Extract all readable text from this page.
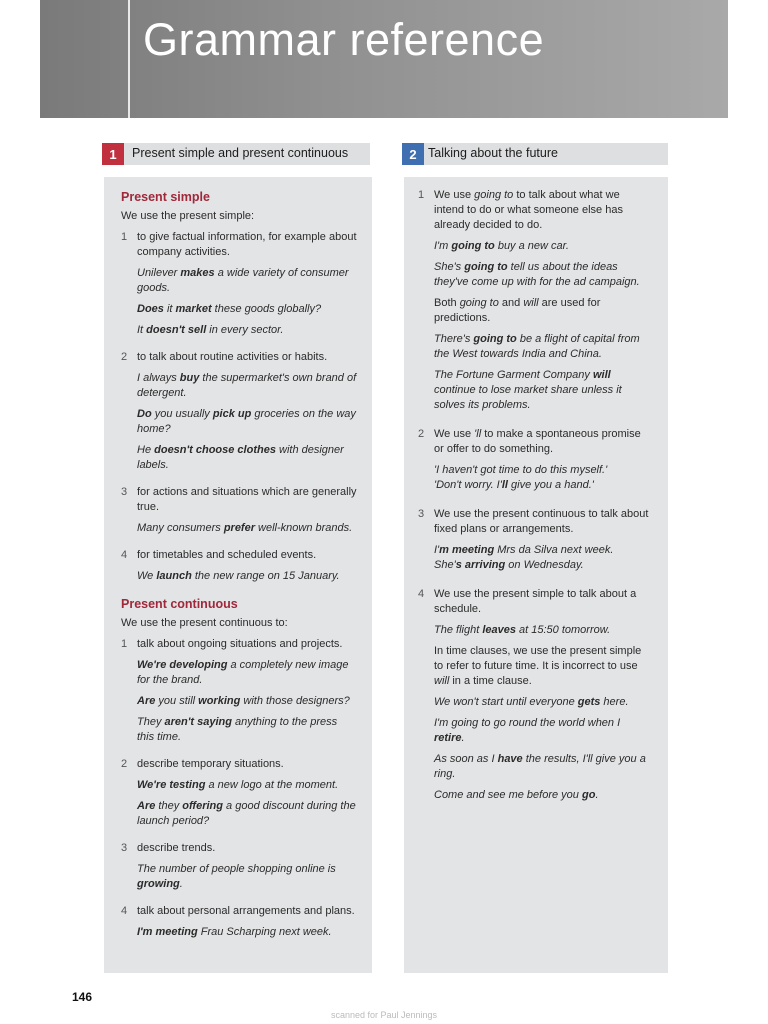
Grammar reference
1	Present simple and present continuous	2 Talking about the future
Present simple
We use the present simple:
1 to give factual information, for example about company activities.

Unilever makes a wide variety of consumer goods.

Does it market these goods globally?

It doesn't sell in every sector.

2 to talk about routine activities or habits.

I always buy the supermarket's own brand of detergent.

Do you usually pick up groceries on the way home?

He doesn't choose clothes with designer labels.

3 for actions and situations which are generally true.

Many consumers prefer well-known brands.

4 for timetables and scheduled events.

We launch the new range on 15 January.

Present continuous
We use the present continuous to:
1 talk about ongoing situations and projects.

We're developing a completely new image for the brand.

Are you still working with those designers?

They aren't saying anything to the press this time.

2 describe temporary situations.

We're testing a new logo at the moment.

Are they offering a good discount during the launch period?

3 describe trends.

The number of people shopping online is growing.

4 talk about personal arrangements and plans.

I'm meeting Frau Scharping next week.

1 We use going to to talk about what we intend to do or what someone else has already decided to do.

I'm going to buy a new car.

She's going to tell us about the ideas they've come up with for the ad campaign.

Both going to and will are used for predictions.

There's going to be a flight of capital from the West towards India and China.

The Fortune Garment Company will continue to lose market share unless it solves its problems.

2 We use 'll to make a spontaneous promise or offer to do something.

'I haven't got time to do this myself.'
'Don't worry. I'll give you a hand.'

3 We use the present continuous to talk about fixed plans or arrangements.

I'm meeting Mrs da Silva next week.
She's arriving on Wednesday.

4 We use the present simple to talk about a schedule.

The flight leaves at 15:50 tomorrow.

In time clauses, we use the present simple to refer to future time. It is incorrect to use will in a time clause.

We won't start until everyone gets here.

I'm going to go round the world when I retire.

As soon as I have the results, I'll give you a ring.

Come and see me before you go.

146
scanned for Paul Jennings
